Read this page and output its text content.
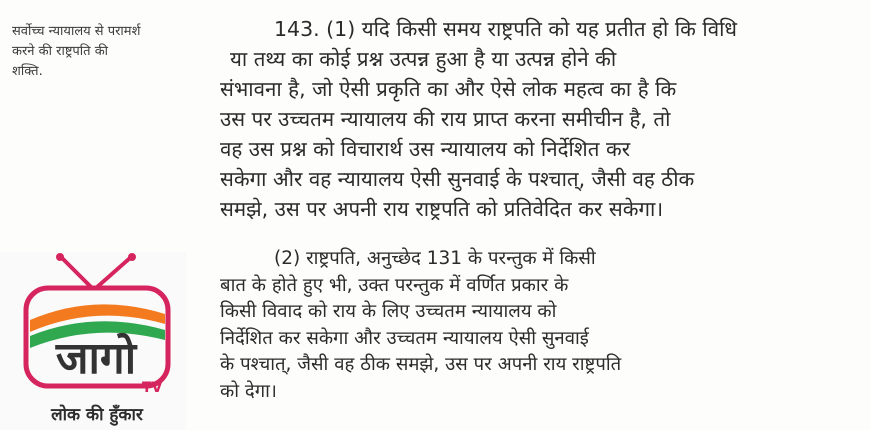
सर्वोच्च न्यायालय से परामर्श
करने की राष्ट्रपति की
शक्ति.
143. (1) यदि किसी समय राष्ट्रपति को यह प्रतीत हो कि विधि
या तथ्य का कोई प्रश्न उत्पन्न हुआ है या उत्पन्न होने की
संभावना है, जो ऐसी प्रकृति का और ऐसे लोक महत्व का है कि
उस पर उच्चतम न्यायालय की राय प्राप्त करना समीचीन है, तो
वह उस प्रश्न को विचारार्थ उस न्यायालय को निर्देशित कर
सकेगा और वह न्यायालय ऐसी सुनवाई के पश्चात्, जैसी वह ठीक
समझे, उस पर अपनी राय राष्ट्रपति को प्रतिवेदित कर सकेगा।
(2) राष्ट्रपति, अनुच्छेद 131 के परन्तुक में किसी
बात के होते हुए भी, उक्त परन्तुक में वर्णित प्रकार के
किसी विवाद को राय के लिए उच्चतम न्यायालय को
निर्देशित कर सकेगा और उच्चतम न्यायालय ऐसी सुनवाई
के पश्चात्, जैसी वह ठीक समझे, उस पर अपनी राय राष्ट्रपति
को देगा।
जागो
TV
लोक की हुँकार
